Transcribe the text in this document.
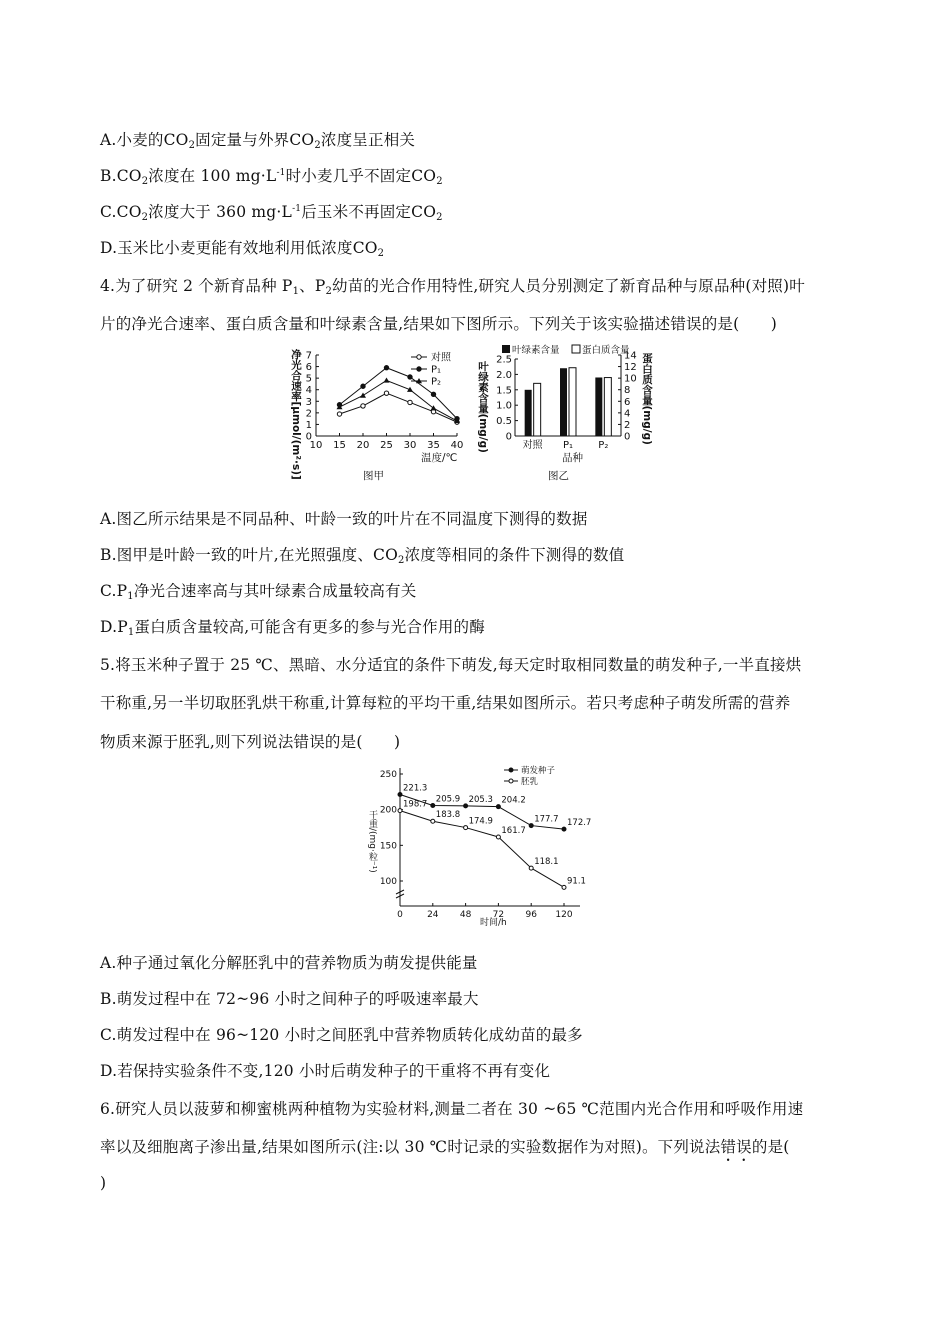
A.小麦的$CO_2$固定量与外界$CO_2$浓度呈正相关
$B.CO_2$浓度在 100 $mg\cdot L^{-1}$时小麦几乎不固定$CO_2$
$C.CO_2$浓度大于 360 $mg\cdot L^{-1}$后玉米不再固定$CO_2$
D.玉米比小麦更能有效地利用低浓度$CO_2$
4.为了研究 2 个新育品种 $P_1$、$P_2$幼苗的光合作用特性,研究人员分别测定了新育品种与原品种(对照)叶
片的净光合速率、蛋白质含量和叶绿素含量,结果如下图所示。下列关于该实验描述错误的是(　　)
净光合速率[μmol/(m²·s)] 0
1
2
3
4
5
6
7
10 15 20 25 30 35 40
对照
P₁
P₂
温度/℃
图甲
叶绿素含量(mg/g)	蛋白质含量(mg/g)
0
0.5
1.0
1.5
2.0
2.5
0
2
4
6
8
10
12
14
对照 P₁	P₂
叶绿素含量 蛋白质含量
品种
图乙
A.图乙所示结果是不同品种、叶龄一致的叶片在不同温度下测得的数据
B.图甲是叶龄一致的叶片,在光照强度、$CO_2$浓度等相同的条件下测得的数值
$C.P_1$净光合速率高与其叶绿素合成量较高有关
$D.P_1$蛋白质含量较高,可能含有更多的参与光合作用的酶
5.将玉米种子置于 25 ℃、黑暗、水分适宜的条件下萌发,每天定时取相同数量的萌发种子,一半直接烘
干称重,另一半切取胚乳烘干称重,计算每粒的平均干重,结果如图所示。若只考虑种子萌发所需的营养
物质来源于胚乳,则下列说法错误的是(　　)
干重/(mg·粒⁻¹)
100
150
200
250
0	24 48 72 96 120
221.3
205.9 205.3 204.2
177.7 172.7
198.7
183.8
174.9
161.7
118.1
91.1
萌发种子
胚乳
时间/h
A.种子通过氧化分解胚乳中的营养物质为萌发提供能量
B.萌发过程中在 72~96 小时之间种子的呼吸速率最大
C.萌发过程中在 96~120 小时之间胚乳中营养物质转化成幼苗的最多
D.若保持实验条件不变,120 小时后萌发种子的干重将不再有变化
6.研究人员以菠萝和柳蜜桃两种植物为实验材料,测量二者在 30 ~65 ℃范围内光合作用和呼吸作用速
率以及细胞离子渗出量,结果如图所示(注:以 30 ℃时记录的实验数据作为对照)。下列说法错误的是(
)
